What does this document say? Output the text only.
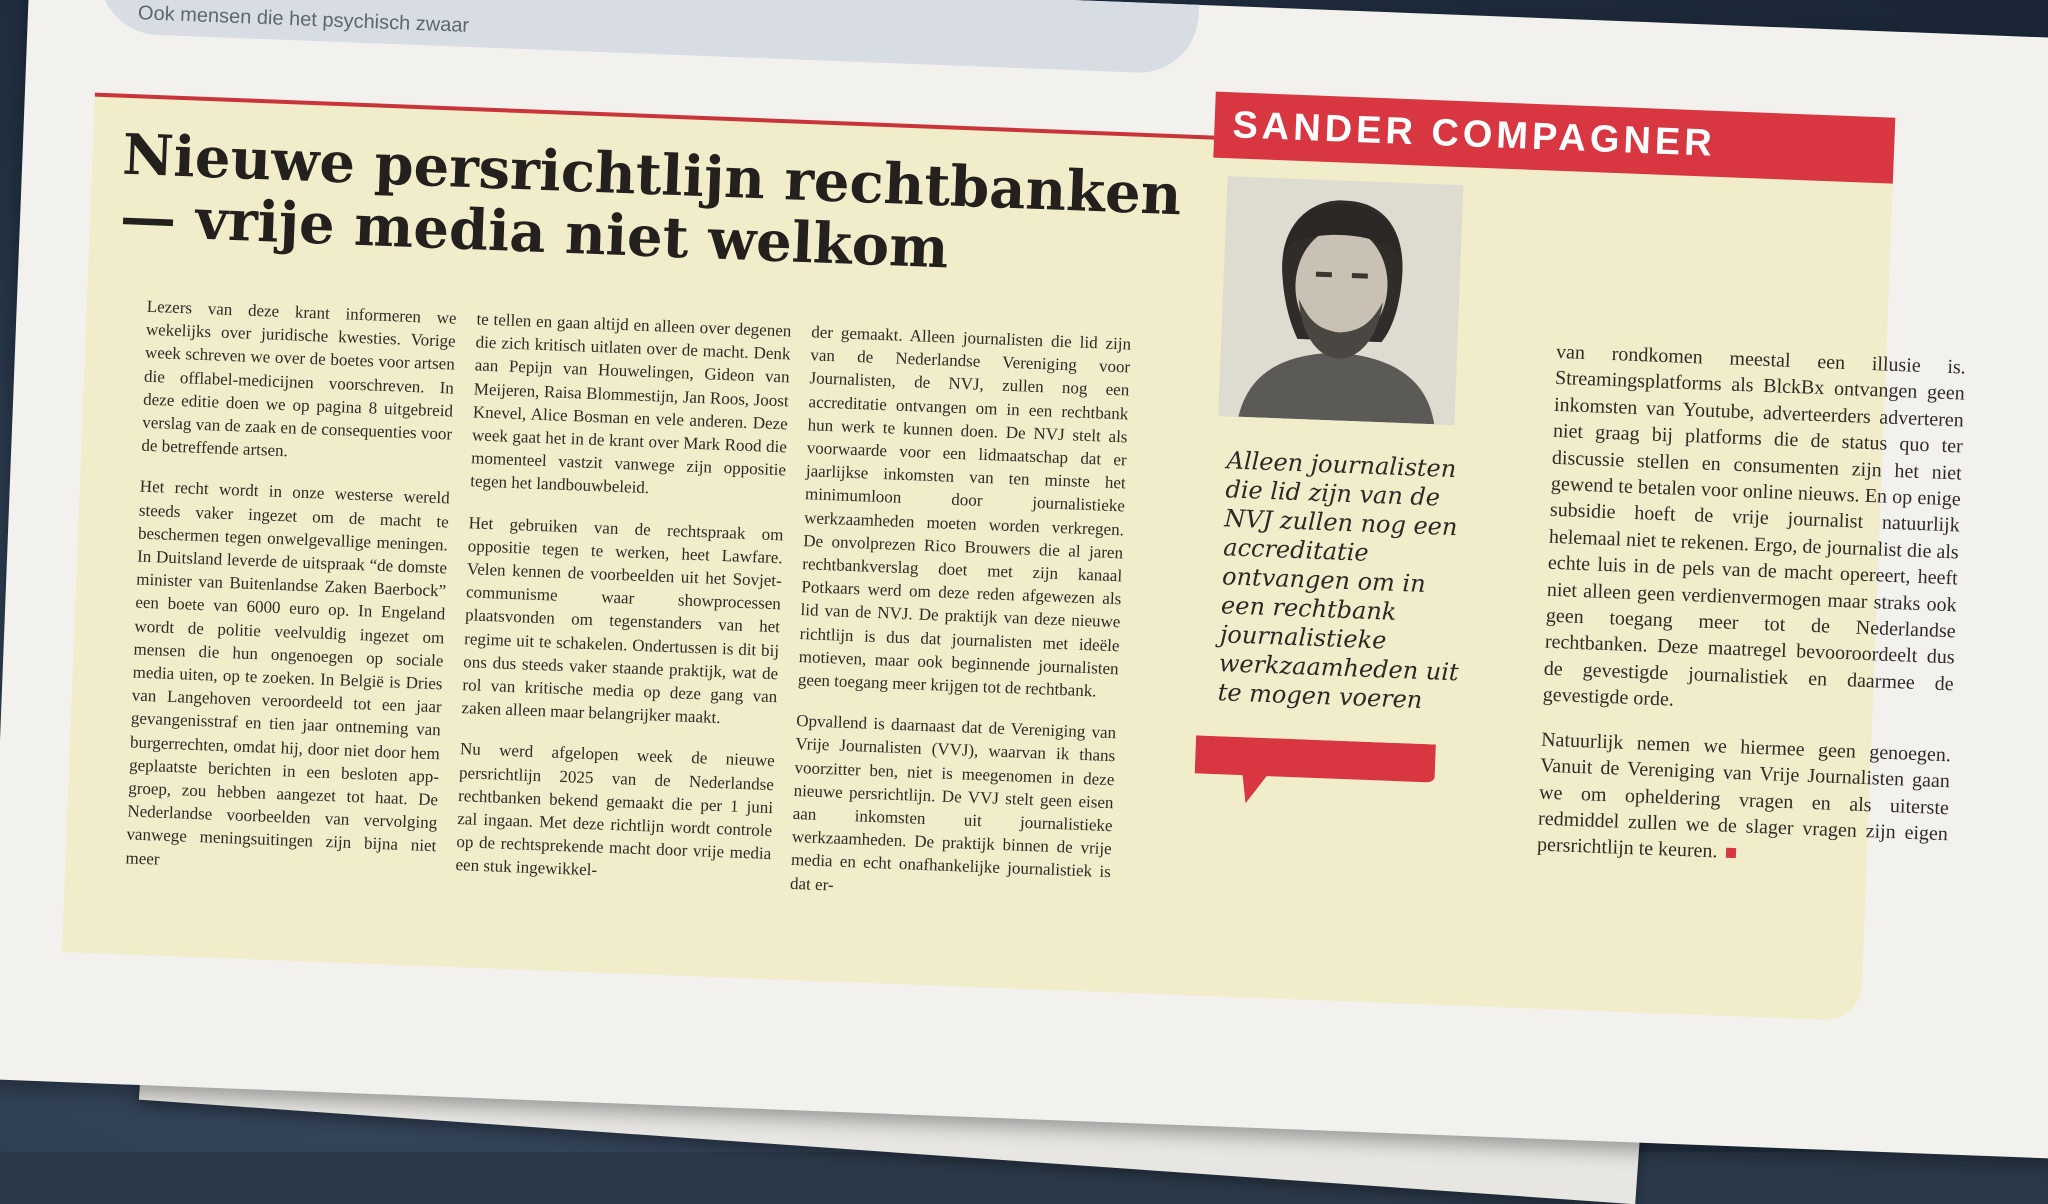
Ook mensen die het psychisch zwaar
SANDER COMPAGNER
Nieuwe persrichtlijn rechtbanken — vrije media niet welkom

Lezers van deze krant informeren we wekelijks over juridische kwesties. Vorige week schreven we over de boetes voor artsen die offlabel-medicijnen voorschreven. In deze editie doen we op pagina 8 uitgebreid verslag van de zaak en de consequenties voor de betreffende artsen.

Het recht wordt in onze westerse wereld steeds vaker ingezet om de macht te beschermen tegen onwelgevallige meningen. In Duitsland leverde de uitspraak “de domste minister van Buitenlandse Zaken Baerbock” een boete van 6000 euro op. In Engeland wordt de politie veelvuldig ingezet om mensen die hun ongenoegen op sociale media uiten, op te zoeken. In België is Dries van Langehoven veroordeeld tot een jaar gevangenisstraf en tien jaar ontneming van burgerrechten, omdat hij, door niet door hem geplaatste berichten in een besloten app-groep, zou hebben aangezet tot haat. De Nederlandse voorbeelden van vervolging vanwege meningsuitingen zijn bijna niet meer

te tellen en gaan altijd en alleen over degenen die zich kritisch uitlaten over de macht. Denk aan Pepijn van Houwelingen, Gideon van Meijeren, Raisa Blommestijn, Jan Roos, Joost Knevel, Alice Bosman en vele anderen. Deze week gaat het in de krant over Mark Rood die momenteel vastzit vanwege zijn oppositie tegen het landbouwbeleid.

Het gebruiken van de rechtspraak om oppositie tegen te werken, heet Lawfare. Velen kennen de voorbeelden uit het Sovjet-communisme waar showprocessen plaatsvonden om tegenstanders van het regime uit te schakelen. Ondertussen is dit bij ons dus steeds vaker staande praktijk, wat de rol van kritische media op deze gang van zaken alleen maar belangrijker maakt.

Nu werd afgelopen week de nieuwe persrichtlijn 2025 van de Nederlandse rechtbanken bekend gemaakt die per 1 juni zal ingaan. Met deze richtlijn wordt controle op de rechtsprekende macht door vrije media een stuk ingewikkel-

der gemaakt. Alleen journalisten die lid zijn van de Nederlandse Vereniging voor Journalisten, de NVJ, zullen nog een accreditatie ontvangen om in een rechtbank hun werk te kunnen doen. De NVJ stelt als voorwaarde voor een lidmaatschap dat er jaarlijkse inkomsten van ten minste het minimumloon door journalistieke werkzaamheden moeten worden verkregen. De onvolprezen Rico Brouwers die al jaren rechtbankverslag doet met zijn kanaal Potkaars werd om deze reden afgewezen als lid van de NVJ. De praktijk van deze nieuwe richtlijn is dus dat journalisten met ideële motieven, maar ook beginnende journalisten geen toegang meer krijgen tot de rechtbank.

Opvallend is daarnaast dat de Vereniging van Vrije Journalisten (VVJ), waarvan ik thans voorzitter ben, niet is meegenomen in deze nieuwe persrichtlijn. De VVJ stelt geen eisen aan inkomsten uit journalistieke werkzaamheden. De praktijk binnen de vrije media en echt onafhankelijke journalistiek is dat er-

Alleen journalisten die lid zijn van de NVJ zullen nog een accreditatie ontvangen om in een rechtbank journalistieke werkzaamheden uit te mogen voeren

van rondkomen meestal een illusie is. Streamingsplatforms als BlckBx ontvangen geen inkomsten van Youtube, adverteerders adverteren niet graag bij platforms die de status quo ter discussie stellen en consumenten zijn het niet gewend te betalen voor online nieuws. En op enige subsidie hoeft de vrije journalist natuurlijk helemaal niet te rekenen. Ergo, de journalist die als echte luis in de pels van de macht opereert, heeft niet alleen geen verdienvermogen maar straks ook geen toegang meer tot de Nederlandse rechtbanken. Deze maatregel bevooroordeelt dus de gevestigde journalistiek en daarmee de gevestigde orde.

Natuurlijk nemen we hiermee geen genoegen. Vanuit de Vereniging van Vrije Journalisten gaan we om opheldering vragen en als uiterste redmiddel zullen we de slager vragen zijn eigen persrichtlijn te keuren.
